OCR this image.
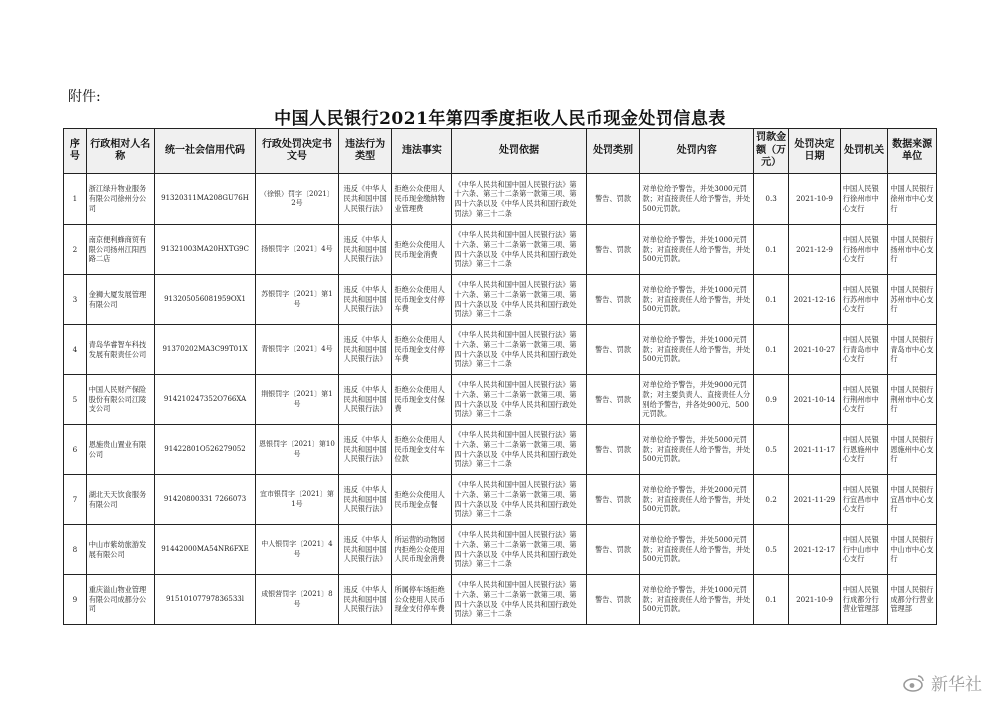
附件:
中国人民银行2021年第四季度拒收人民币现金处罚信息表
序号	行政相对人名称	统一社会信用代码	行政处罚决定书文号	违法行为类型	违法事实	处罚依据	处罚类别	处罚内容	罚款金额（万元）	处罚决定日期	处罚机关	数据来源单位
1	浙江绿升物业服务有限公司徐州分公司	91320311MA208GU76H	（徐银）罚字〔2021〕2号	违反《中华人民共和国中国人民银行法》	拒绝公众使用人民币现金缴纳物业管理费	《中华人民共和国中国人民银行法》第十六条、第三十二条第一款第三项、第四十六条以及《中华人民共和国行政处罚法》第三十二条	警告、罚款	对单位给予警告，并处3000元罚款；对直接责任人给予警告，并处500元罚款。	0.3	2021-10-9	中国人民银行徐州市中心支行	中国人民银行徐州市中心支行
2	南京便利蜂商贸有限公司扬州江阳西路二店	91321003MA20HXTG9C	扬银罚字〔2021〕4号	违反《中华人民共和国中国人民银行法》	拒绝公众使用人民币现金消费	《中华人民共和国中国人民银行法》第十六条、第三十二条第一款第三项、第四十六条以及《中华人民共和国行政处罚法》第三十二条	警告、罚款	对单位给予警告，并处1000元罚款；对直接责任人给予警告，并处500元罚款。	0.1	2021-12-9	中国人民银行扬州市中心支行	中国人民银行扬州市中心支行
3	金狮大厦发展管理有限公司	913205056081959OX1	苏银罚字〔2021〕第1号	违反《中华人民共和国中国人民银行法》	拒绝公众使用人民币现金支付停车费	《中华人民共和国中国人民银行法》第十六条、第三十二条第一款第三项、第四十六条以及《中华人民共和国行政处罚法》第三十二条	警告、罚款	对单位给予警告，并处1000元罚款；对直接责任人给予警告，并处500元罚款。	0.1	2021-12-16	中国人民银行苏州市中心支行	中国人民银行苏州市中心支行
4	青岛华睿智车科技发展有限责任公司	91370202MA3C99T01X	青银罚字〔2021〕4号	违反《中华人民共和国中国人民银行法》	拒绝公众使用人民币现金支付停车费	《中华人民共和国中国人民银行法》第十六条、第三十二条第一款第三项、第四十六条以及《中华人民共和国行政处罚法》第三十二条	警告、罚款	对单位给予警告，并处1000元罚款；对直接责任人给予警告，并处500元罚款。	0.1	2021-10-27	中国人民银行青岛市中心支行	中国人民银行青岛市中心支行
5	中国人民财产保险股份有限公司江陵支公司	914210247352O766XA	荆银罚字〔2021〕第1号	违反《中华人民共和国中国人民银行法》	拒绝公众使用人民币现金支付保费	《中华人民共和国中国人民银行法》第十六条、第三十二条第一款第三项、第四十六条以及《中华人民共和国行政处罚法》第三十二条	警告、罚款	对单位给予警告，并处9000元罚款；对主要负责人、直接责任人分别给予警告，并各处900元、500元罚款。	0.9	2021-10-14	中国人民银行荆州市中心支行	中国人民银行荆州市中心支行
6	恩施贵山置业有限公司	91422801O526279052	恩银罚字〔2021〕第10号	违反《中华人民共和国中国人民银行法》	拒绝公众使用人民币现金支付车位款	《中华人民共和国中国人民银行法》第十六条、第三十二条第一款第三项、第四十六条以及《中华人民共和国行政处罚法》第三十二条	警告、罚款	对单位给予警告，并处5000元罚款；对直接责任人给予警告，并处500元罚款。	0.5	2021-11-17	中国人民银行恩施州中心支行	中国人民银行恩施州中心支行
7	湖北天天饮食服务有限公司	91420800331 7266073	宜市银罚字〔2021〕第1号	违反《中华人民共和国中国人民银行法》	拒绝公众使用人民币现金点餐	《中华人民共和国中国人民银行法》第十六条、第三十二条第一款第三项、第四十六条以及《中华人民共和国行政处罚法》第三十二条	警告、罚款	对单位给予警告，并处2000元罚款；对直接责任人给予警告，并处500元罚款。	0.2	2021-11-29	中国人民银行宜昌市中心支行	中国人民银行宜昌市中心支行
8	中山市紫幼旅游发展有限公司	91442000MA54NR6FXE	中人银罚字〔2021〕4号	违反《中华人民共和国中国人民银行法》	所运营的动物园内拒绝公众使用人民币现金消费	《中华人民共和国中国人民银行法》第十六条、第三十二条第一款第三项、第四十六条以及《中华人民共和国行政处罚法》第三十二条	警告、罚款	对单位给予警告，并处5000元罚款；对直接责任人给予警告，并处500元罚款。	0.5	2021-12-17	中国人民银行中山市中心支行	中国人民银行中山市中心支行
9	重庆溢山物业管理有限公司成都分公司	91510107797836533l	成银营罚字〔2021〕8号	违反《中华人民共和国中国人民银行法》	所属停车场拒绝公众使用人民币现金支付停车费	《中华人民共和国中国人民银行法》第十六条、第三十二条第一款第三项、第四十六条以及《中华人民共和国行政处罚法》第三十二条	警告、罚款	对单位给予警告，并处1000元罚款；对直接责任人给予警告，并处500元罚款。	0.1	2021-10-9	中国人民银行成都分行营业管理部	中国人民银行成都分行营业管理部
新华社
